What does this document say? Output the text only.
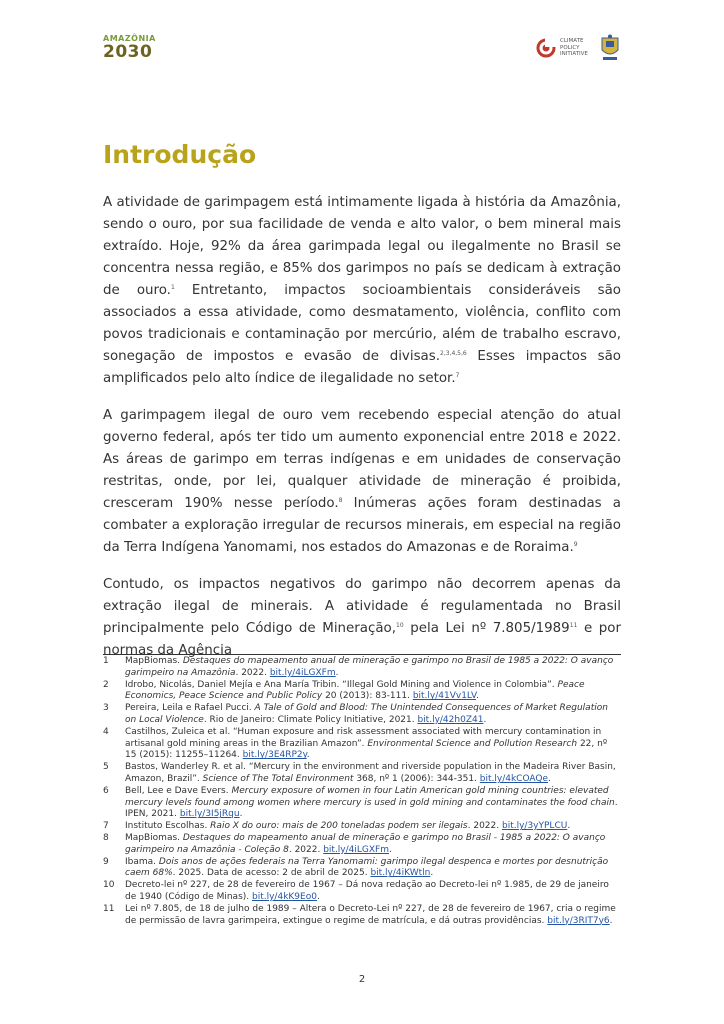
AMAZÔNIA
2030
CLIMATE
POLICY
INITIATIVE
Introdução

A atividade de garimpagem está intimamente ligada à história da Amazônia, sendo o ouro, por sua facilidade de venda e alto valor, o bem mineral mais extraído. Hoje, 92% da área garimpada legal ou ilegalmente no Brasil se concentra nessa região, e 85% dos garimpos no país se dedicam à extração de ouro.$^1$ Entretanto, impactos socioambientais consideráveis são associados a essa atividade, como desmatamento, violência, conflito com povos tradicionais e contaminação por mercúrio, além de trabalho escravo, sonegação de impostos e evasão de divisas.$^{2,3,4,5,6}$ Esses impactos são amplificados pelo alto índice de ilegalidade no setor.$^7$

A garimpagem ilegal de ouro vem recebendo especial atenção do atual governo federal, após ter tido um aumento exponencial entre 2018 e 2022. As áreas de garimpo em terras indígenas e em unidades de conservação restritas, onde, por lei, qualquer atividade de mineração é proibida, cresceram 190% nesse período.$^8$ Inúmeras ações foram destinadas a combater a exploração irregular de recursos minerais, em especial na região da Terra Indígena Yanomami, nos estados do Amazonas e de Roraima.$^9$

Contudo, os impactos negativos do garimpo não decorrem apenas da extração ilegal de minerais. A atividade é regulamentada no Brasil principalmente pelo Código de Mineração,$^{10}$ pela Lei nº 7.805/1989$^{11}$ e por normas da Agência

1	MapBiomas. Destaques do mapeamento anual de mineração e garimpo no Brasil de 1985 a 2022: O avanço garimpeiro na Amazônia. 2022. bit.ly/4iLGXFm.
2	Idrobo, Nicolás, Daniel Mejía e Ana María Tribin. “Illegal Gold Mining and Violence in Colombia”. Peace Economics, Peace Science and Public Policy 20 (2013): 83-111. bit.ly/41Vv1LV.
3	Pereira, Leila e Rafael Pucci. A Tale of Gold and Blood: The Unintended Consequences of Market Regulation on Local Violence. Rio de Janeiro: Climate Policy Initiative, 2021. bit.ly/42h0Z41.
4	Castilhos, Zuleica et al. “Human exposure and risk assessment associated with mercury contamination in artisanal gold mining areas in the Brazilian Amazon”. Environmental Science and Pollution Research 22, nº 15 (2015): 11255–11264. bit.ly/3E4RP2y.
5	Bastos, Wanderley R. et al. “Mercury in the environment and riverside population in the Madeira River Basin, Amazon, Brazil”. Science of The Total Environment 368, nº 1 (2006): 344-351. bit.ly/4kCOAQe.
6	Bell, Lee e Dave Evers. Mercury exposure of women in four Latin American gold mining countries: elevated mercury levels found among women where mercury is used in gold mining and contaminates the food chain. IPEN, 2021. bit.ly/3I5jRqu.
7	Instituto Escolhas. Raio X do ouro: mais de 200 toneladas podem ser ilegais. 2022. bit.ly/3yYPLCU.
8	MapBiomas. Destaques do mapeamento anual de mineração e garimpo no Brasil - 1985 a 2022: O avanço garimpeiro na Amazônia - Coleção 8. 2022. bit.ly/4iLGXFm.
9	Ibama. Dois anos de ações federais na Terra Yanomami: garimpo ilegal despenca e mortes por desnutrição caem 68%. 2025. Data de acesso: 2 de abril de 2025. bit.ly/4iKWtln.
10	Decreto-lei nº 227, de 28 de fevereiro de 1967 – Dá nova redação ao Decreto-lei nº 1.985, de 29 de janeiro de 1940 (Código de Minas). bit.ly/4kK9Eo0.
11	Lei nº 7.805, de 18 de julho de 1989 – Altera o Decreto-Lei nº 227, de 28 de fevereiro de 1967, cria o regime de permissão de lavra garimpeira, extingue o regime de matrícula, e dá outras providências. bit.ly/3RIT7y6.
2
